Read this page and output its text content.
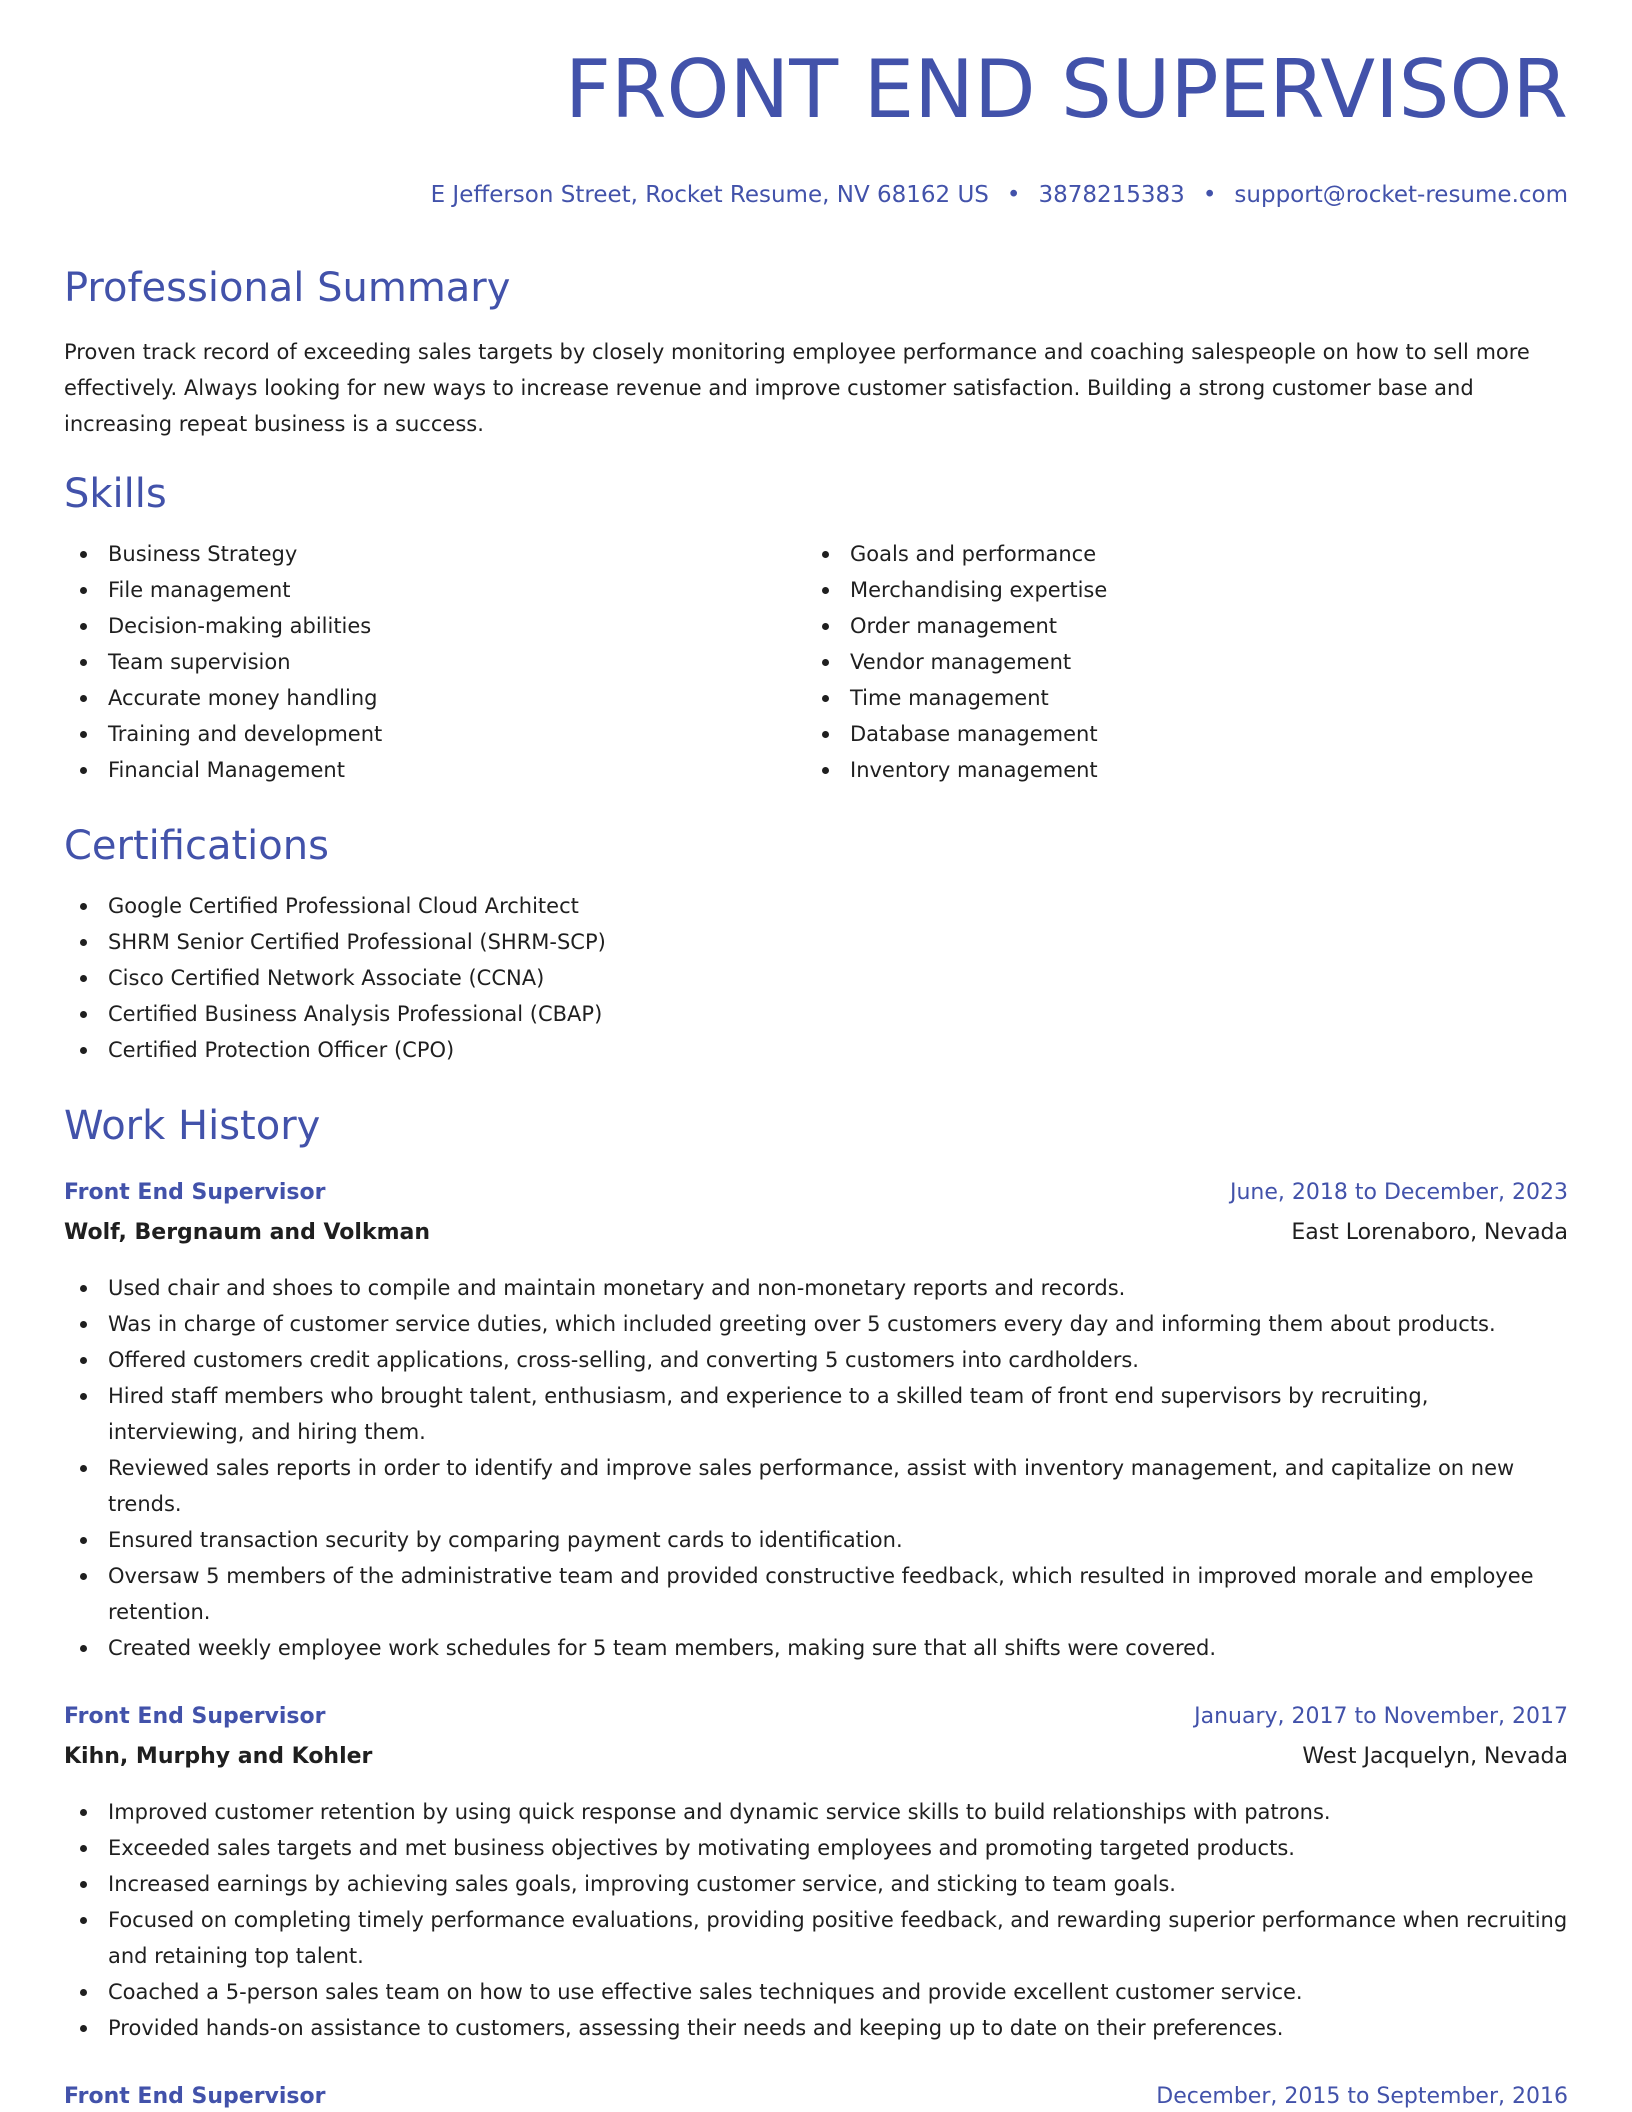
FRONT END SUPERVISOR
E Jefferson Street, Rocket Resume, NV 68162 US • 3878215383 • support@rocket-resume.com
Professional Summary

Proven track record of exceeding sales targets by closely monitoring employee performance and coaching salespeople on how to sell more effectively. Always looking for new ways to increase revenue and improve customer satisfaction. Building a strong customer base and increasing repeat business is a success.

Skills
Business Strategy
File management
Decision-making abilities
Team supervision
Accurate money handling
Training and development
Financial Management
Goals and performance
Merchandising expertise
Order management
Vendor management
Time management
Database management
Inventory management
Certifications
Google Certified Professional Cloud Architect
SHRM Senior Certified Professional (SHRM-SCP)
Cisco Certified Network Associate (CCNA)
Certified Business Analysis Professional (CBAP)
Certified Protection Officer (CPO)
Work History
Front End Supervisor	June, 2018 to December, 2023
Wolf, Bergnaum and Volkman	East Lorenaboro, Nevada
Used chair and shoes to compile and maintain monetary and non-monetary reports and records.
Was in charge of customer service duties, which included greeting over 5 customers every day and informing them about products.
Offered customers credit applications, cross-selling, and converting 5 customers into cardholders.
Hired staff members who brought talent, enthusiasm, and experience to a skilled team of front end supervisors by recruiting, interviewing, and hiring them.
Reviewed sales reports in order to identify and improve sales performance, assist with inventory management, and capitalize on new trends.
Ensured transaction security by comparing payment cards to identification.
Oversaw 5 members of the administrative team and provided constructive feedback, which resulted in improved morale and employee retention.
Created weekly employee work schedules for 5 team members, making sure that all shifts were covered.
Front End Supervisor	January, 2017 to November, 2017
Kihn, Murphy and Kohler	West Jacquelyn, Nevada
Improved customer retention by using quick response and dynamic service skills to build relationships with patrons.
Exceeded sales targets and met business objectives by motivating employees and promoting targeted products.
Increased earnings by achieving sales goals, improving customer service, and sticking to team goals.
Focused on completing timely performance evaluations, providing positive feedback, and rewarding superior performance when recruiting and retaining top talent.
Coached a 5-person sales team on how to use effective sales techniques and provide excellent customer service.
Provided hands-on assistance to customers, assessing their needs and keeping up to date on their preferences.
Front End Supervisor	December, 2015 to September, 2016
